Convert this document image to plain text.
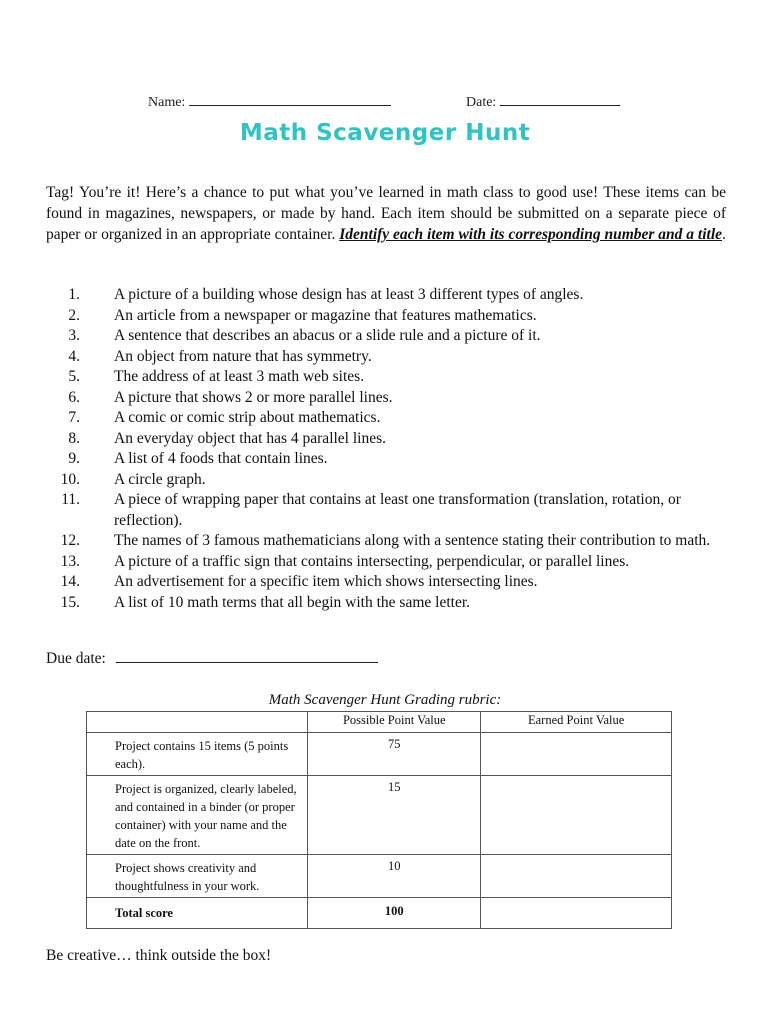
Name:	Date:
Math Scavenger Hunt

Tag! You’re it! Here’s a chance to put what you’ve learned in math class to good use! These items can be found in magazines, newspapers, or made by hand. Each item should be submitted on a separate piece of paper or organized in an appropriate container. Identify each item with its corresponding number and a title.

1. A picture of a building whose design has at least 3 different types of angles.
2. An article from a newspaper or magazine that features mathematics.
3. A sentence that describes an abacus or a slide rule and a picture of it.
4. An object from nature that has symmetry.
5. The address of at least 3 math web sites.
6. A picture that shows 2 or more parallel lines.
7. A comic or comic strip about mathematics.
8. An everyday object that has 4 parallel lines.
9. A list of 4 foods that contain lines.
10. A circle graph.
11. A piece of wrapping paper that contains at least one transformation (translation, rotation, or reflection).
12. The names of 3 famous mathematicians along with a sentence stating their contribution to math.
13. A picture of a traffic sign that contains intersecting, perpendicular, or parallel lines.
14. An advertisement for a specific item which shows intersecting lines.
15. A list of 10 math terms that all begin with the same letter.
Due date:
Math Scavenger Hunt Grading rubric:
	Possible Point Value	Earned Point Value
Project contains 15 items (5 points each).	75	
Project is organized, clearly labeled, and contained in a binder (or proper container) with your name and the date on the front.	15	
Project shows creativity and thoughtfulness in your work.	10	
Total score	100	
Be creative… think outside the box!
